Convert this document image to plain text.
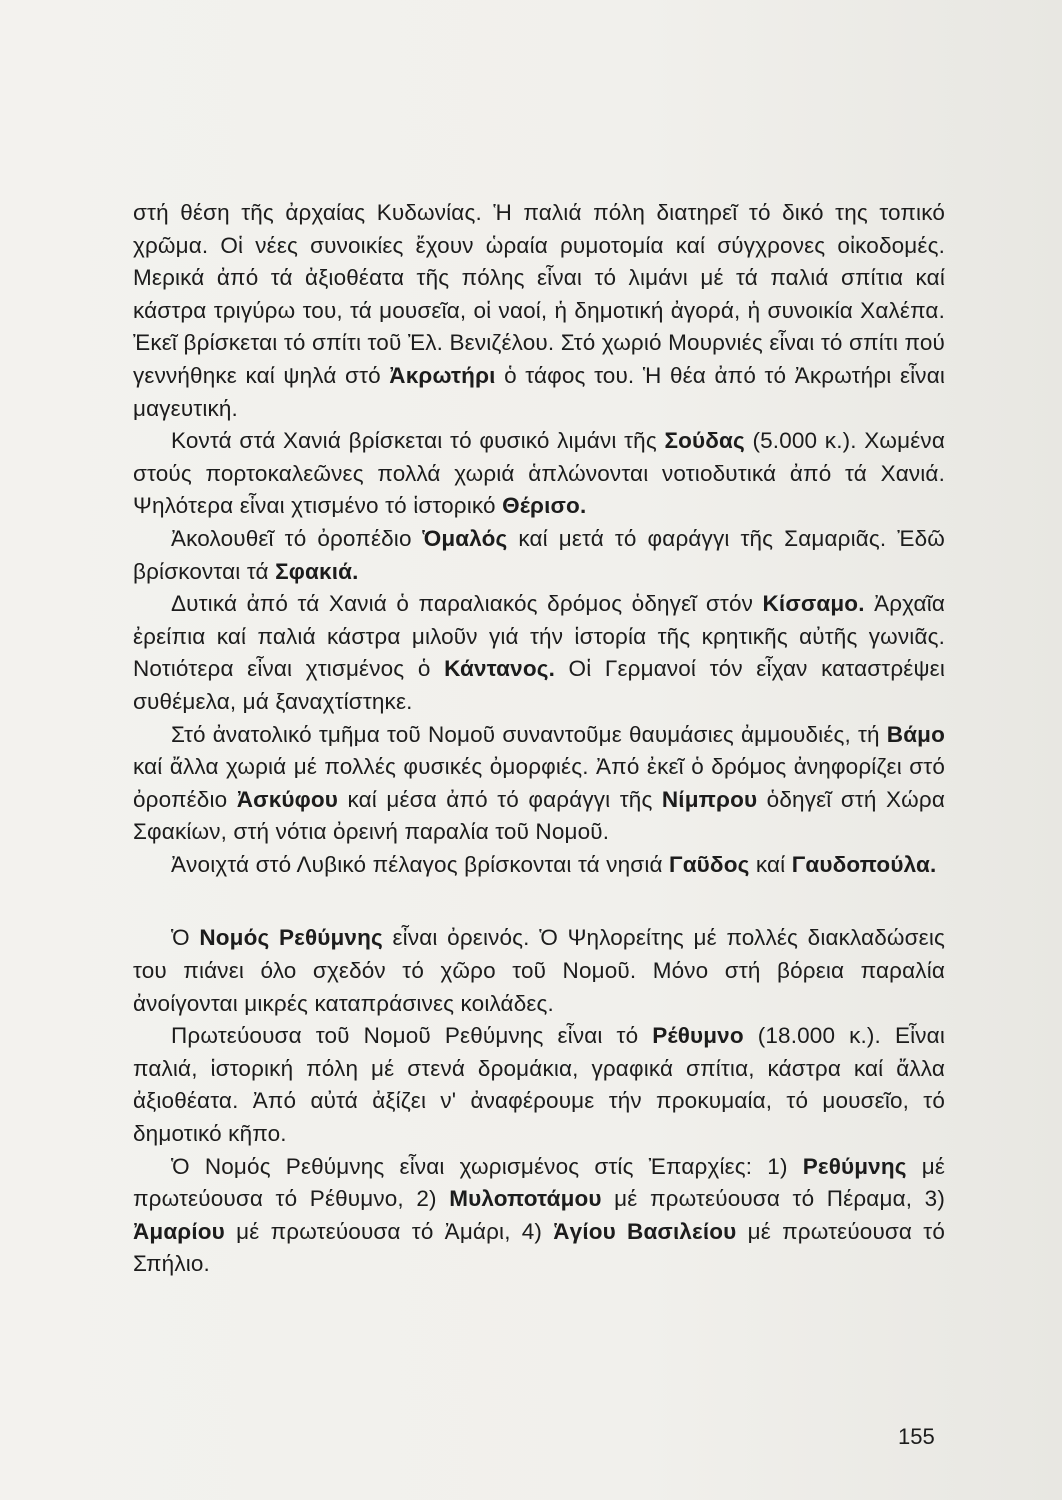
στή θέση τῆς ἀρχαίας Κυδωνίας. Ἡ παλιά πόλη διατηρεῖ τό δικό της τοπικό χρῶμα. Οἱ νέες συνοικίες ἔχουν ὡραία ρυμοτομία καί σύγχρονες οἰκοδομές. Μερικά ἀπό τά ἀξιοθέατα τῆς πόλης εἶναι τό λιμάνι μέ τά παλιά σπίτια καί κάστρα τριγύρω του, τά μουσεῖα, οἱ ναοί, ἡ δημοτική ἀγορά, ἡ συνοικία Χαλέπα. Ἐκεῖ βρίσκεται τό σπίτι τοῦ Ἐλ. Βενιζέλου. Στό χωριό Μουρνιές εἶναι τό σπίτι πού γεννήθηκε καί ψηλά στό Ἀκρωτήρι ὁ τάφος του. Ἡ θέα ἀπό τό Ἀκρωτήρι εἶναι μαγευτική.

Κοντά στά Χανιά βρίσκεται τό φυσικό λιμάνι τῆς Σούδας (5.000 κ.). Χωμένα στούς πορτοκαλεῶνες πολλά χωριά ἁπλώνονται νοτιοδυτικά ἀπό τά Χανιά. Ψηλότερα εἶναι χτισμένο τό ἱστορικό Θέρισο.

Ἀκολουθεῖ τό ὀροπέδιο Ὁμαλός καί μετά τό φαράγγι τῆς Σαμαριᾶς. Ἐδῶ βρίσκονται τά Σφακιά.

Δυτικά ἀπό τά Χανιά ὁ παραλιακός δρόμος ὁδηγεῖ στόν Κίσσαμο. Ἀρχαῖα ἐρείπια καί παλιά κάστρα μιλοῦν γιά τήν ἱστορία τῆς κρητικῆς αὐτῆς γωνιᾶς. Νοτιότερα εἶναι χτισμένος ὁ Κάντανος. Οἱ Γερμανοί τόν εἶχαν καταστρέψει συθέμελα, μά ξαναχτίστηκε.

Στό ἀνατολικό τμῆμα τοῦ Νομοῦ συναντοῦμε θαυμάσιες ἀμμουδιές, τή Βάμο καί ἄλλα χωριά μέ πολλές φυσικές ὀμορφιές. Ἀπό ἐκεῖ ὁ δρόμος ἀνηφορίζει στό ὀροπέδιο Ἀσκύφου καί μέσα ἀπό τό φαράγγι τῆς Νίμπρου ὁδηγεῖ στή Χώρα Σφακίων, στή νότια ὀρεινή παραλία τοῦ Νομοῦ.

Ἀνοιχτά στό Λυβικό πέλαγος βρίσκονται τά νησιά Γαῦδος καί Γαυδοπούλα.

Ὁ Νομός Ρεθύμνης εἶναι ὀρεινός. Ὁ Ψηλορείτης μέ πολλές διακλαδώσεις του πιάνει όλο σχεδόν τό χῶρο τοῦ Νομοῦ. Μόνο στή βόρεια παραλία ἀνοίγονται μικρές καταπράσινες κοιλάδες.

Πρωτεύουσα τοῦ Νομοῦ Ρεθύμνης εἶναι τό Ρέθυμνο (18.000 κ.). Εἶναι παλιά, ἱστορική πόλη μέ στενά δρομάκια, γραφικά σπίτια, κάστρα καί ἄλλα ἀξιοθέατα. Ἀπό αὐτά ἀξίζει ν' ἀναφέρουμε τήν προκυμαία, τό μουσεῖο, τό δημοτικό κῆπο.

Ὁ Νομός Ρεθύμνης εἶναι χωρισμένος στίς Ἐπαρχίες: 1) Ρεθύμνης μέ πρωτεύουσα τό Ρέθυμνο, 2) Μυλοποτάμου μέ πρωτεύουσα τό Πέραμα, 3) Ἀμαρίου μέ πρωτεύουσα τό Ἀμάρι, 4) Ἁγίου Βασιλείου μέ πρωτεύουσα τό Σπήλιο.

155
